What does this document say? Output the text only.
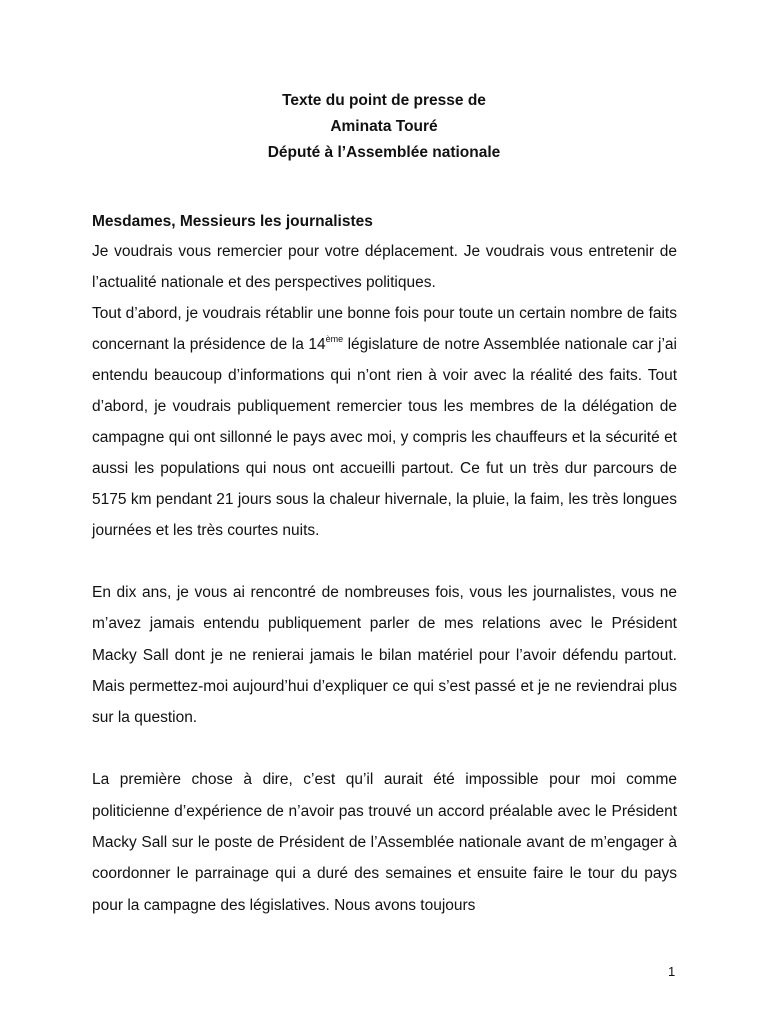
Texte du point de presse de
Aminata Touré
Député à l’Assemblée nationale
Mesdames, Messieurs les journalistes
Je voudrais vous remercier pour votre déplacement. Je voudrais vous entretenir de l’actualité nationale et des perspectives politiques.
Tout d’abord, je voudrais rétablir une bonne fois pour toute un certain nombre de faits concernant la présidence de la 14ème législature de notre Assemblée nationale car j’ai entendu beaucoup d’informations qui n’ont rien à voir avec la réalité des faits. Tout d’abord, je voudrais publiquement remercier tous les membres de la délégation de campagne qui ont sillonné le pays avec moi, y compris les chauffeurs et la sécurité et aussi les populations qui nous ont accueilli partout. Ce fut un très dur parcours de 5175 km pendant 21 jours sous la chaleur hivernale, la pluie, la faim, les très longues journées et les très courtes nuits.

En dix ans, je vous ai rencontré de nombreuses fois, vous les journalistes, vous ne m’avez jamais entendu publiquement parler de mes relations avec le Président Macky Sall dont je ne renierai jamais le bilan matériel pour l’avoir défendu partout. Mais permettez-moi aujourd’hui d’expliquer ce qui s’est passé et je ne reviendrai plus sur la question.

La première chose à dire, c’est qu’il aurait été impossible pour moi comme politicienne d’expérience de n’avoir pas trouvé un accord préalable avec le Président Macky Sall sur le poste de Président de l’Assemblée nationale avant de m’engager à coordonner le parrainage qui a duré des semaines et ensuite faire le tour du pays pour la campagne des législatives. Nous avons toujours

1
